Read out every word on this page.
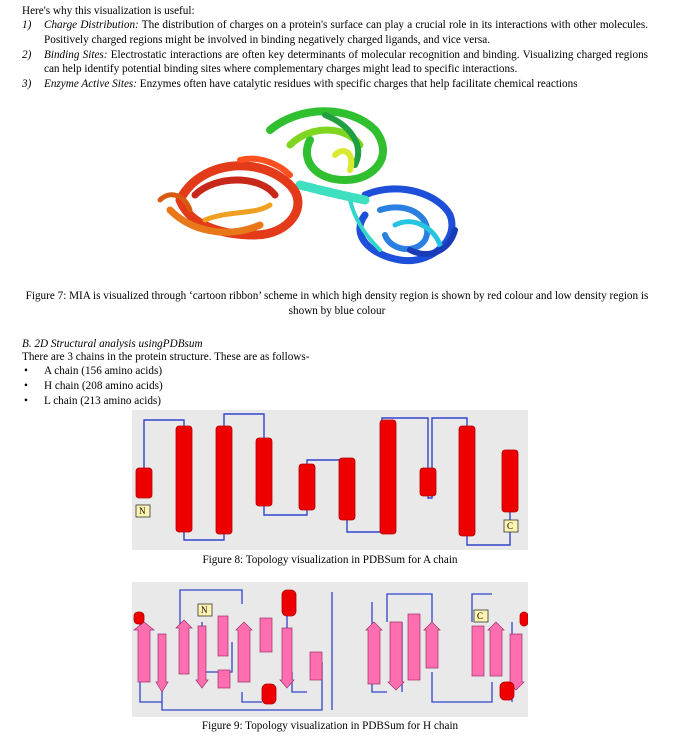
Here's why this visualization is useful:
1) Charge Distribution: The distribution of charges on a protein's surface can play a crucial role in its interactions with other molecules. Positively charged regions might be involved in binding negatively charged ligands, and vice versa.
2) Binding Sites: Electrostatic interactions are often key determinants of molecular recognition and binding. Visualizing charged regions can help identify potential binding sites where complementary charges might lead to specific interactions.
3) Enzyme Active Sites: Enzymes often have catalytic residues with specific charges that help facilitate chemical reactions
Figure 7: MIA is visualized through ‘cartoon ribbon’ scheme in which high density region is shown by red colour and low density region is shown by blue colour
B. 2D Structural analysis usingPDBsum
There are 3 chains in the protein structure. These are as follows-
• A chain (156 amino acids)
• H chain (208 amino acids)
• L chain (213 amino acids)
N
C
Figure 8: Topology visualization in PDBSum for A chain
N
C
Figure 9: Topology visualization in PDBSum for H chain
